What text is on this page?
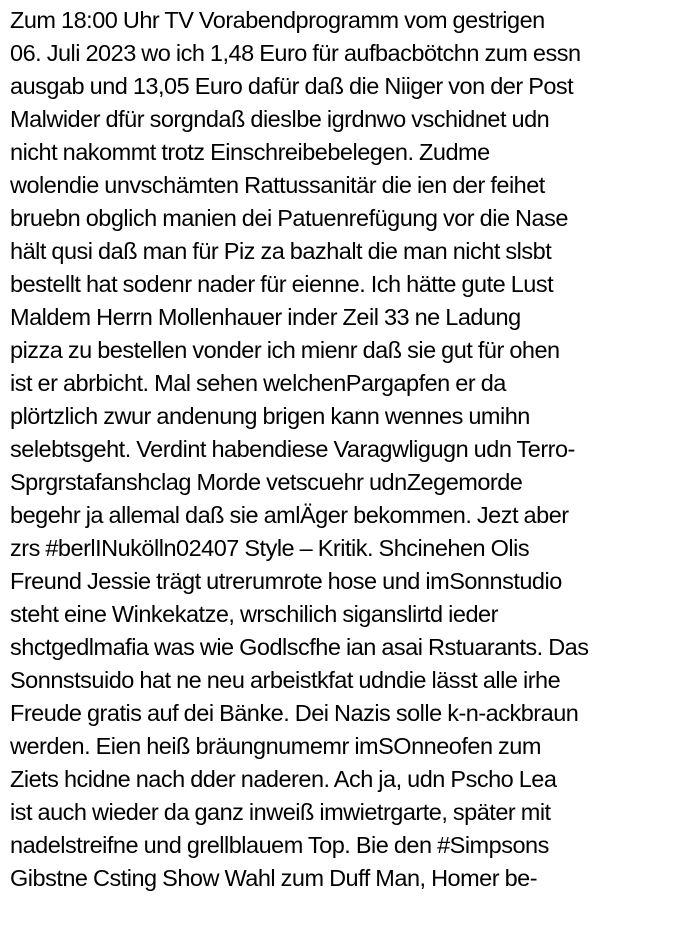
Zum 18:00 Uhr TV Vorabendprogramm vom gestrigen
06. Juli 2023 wo ich 1,48 Euro für aufbacbötchn zum essn
ausgab und 13,05 Euro dafür daß die Niiger von der Post
Malwider dfür sorgndaß dieslbe igrdnwo vschidnet udn
nicht nakommt trotz Einschreibebelegen. Zudme
wolendie unvschämten Rattussanitär die ien der feihet
bruebn obglich manien dei Patuenrefügung vor die Nase
hält qusi daß man für Piz za bazhalt die man nicht slsbt
bestellt hat sodenr nader für eienne. Ich hätte gute Lust
Maldem Herrn Mollenhauer inder Zeil 33 ne Ladung
pizza zu bestellen vonder ich mienr daß sie gut für ohen
ist er abrbicht. Mal sehen welchenPargapfen er da
plörtzlich zwur andenung brigen kann wennes umihn
selebtsgeht. Verdint habendiese Varagwligugn udn Terro-
Sprgrstafanshclag Morde vetscuehr udnZegemorde
begehr ja allemal daß sie amlÄger bekommen. Jezt aber
zrs #berlINukölln02407 Style – Kritik. Shcinehen Olis
Freund Jessie trägt utrerumrote hose und imSonnstudio
steht eine Winkekatze, wrschilich siganslirtd ieder
shctgedlmafia was wie Godlscfhe ian asai Rstuarants. Das
Sonnstsuido hat ne neu arbeistkfat udndie lässt alle irhe
Freude gratis auf dei Bänke. Dei Nazis solle k-n-ackbraun
werden. Eien heiß bräungnumemr imSOnneofen zum
Ziets hcidne nach dder naderen. Ach ja, udn Pscho Lea
ist auch wieder da ganz inweiß imwietrgarte, später mit
nadelstreifne und grellblauem Top. Bie den #Simpsons
Gibstne Csting Show Wahl zum Duff Man, Homer be-
